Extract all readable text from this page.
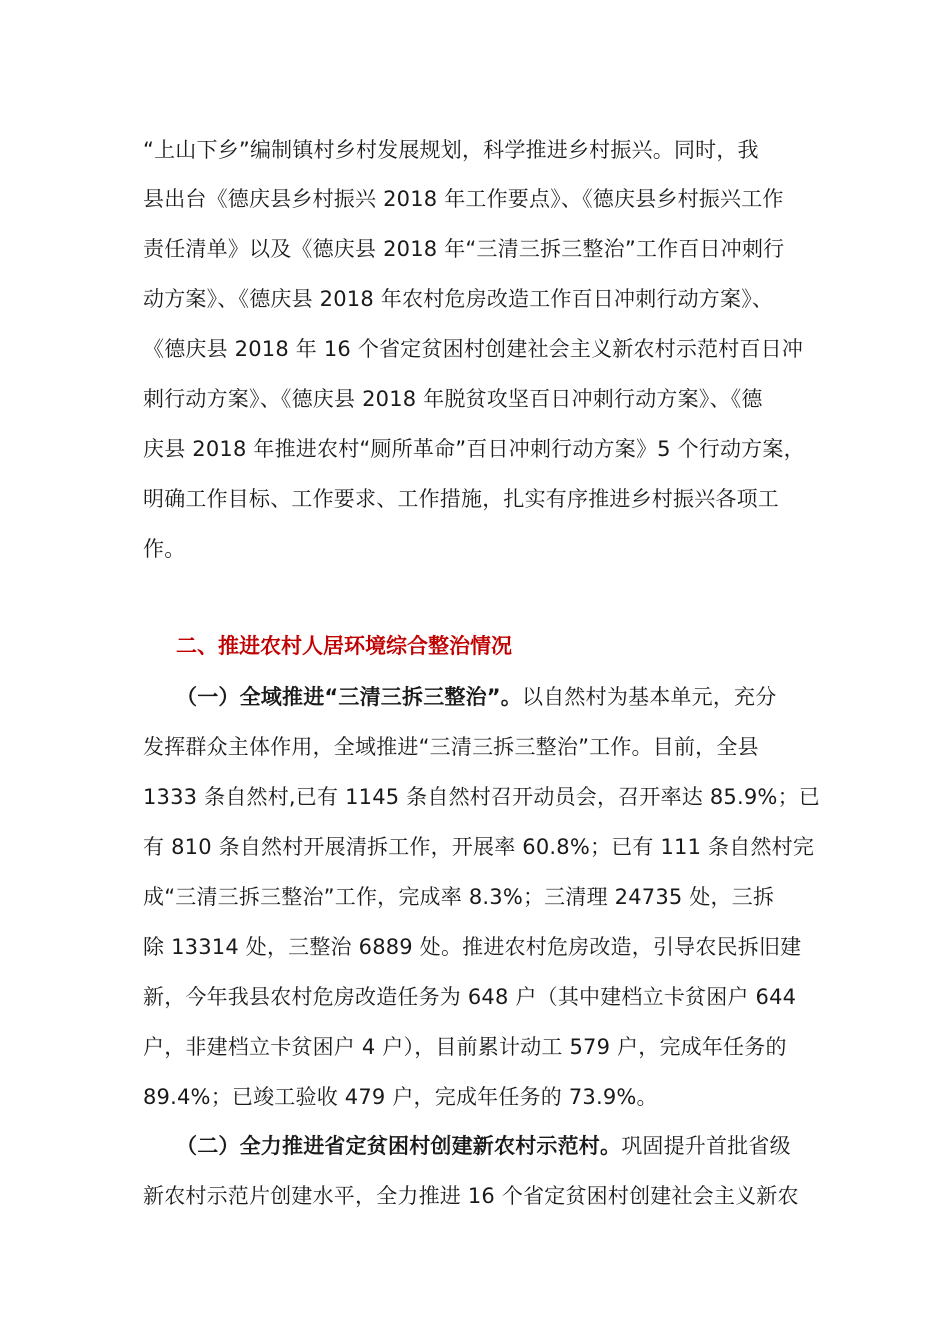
“上山下乡”编制镇村乡村发展规划，科学推进乡村振兴。同时，我
县出台《德庆县乡村振兴 2018 年工作要点》、《德庆县乡村振兴工作
责任清单》以及《德庆县 2018 年“三清三拆三整治”工作百日冲刺行
动方案》、《德庆县 2018 年农村危房改造工作百日冲刺行动方案》、
《德庆县 2018 年 16 个省定贫困村创建社会主义新农村示范村百日冲
刺行动方案》、《德庆县 2018 年脱贫攻坚百日冲刺行动方案》、《德
庆县 2018 年推进农村“厕所革命”百日冲刺行动方案》5 个行动方案，
明确工作目标、工作要求、工作措施，扎实有序推进乡村振兴各项工
作。
二、推进农村人居环境综合整治情况
（一）全域推进“三清三拆三整治”。以自然村为基本单元，充分
发挥群众主体作用，全域推进“三清三拆三整治”工作。目前，全县
1333 条自然村,已有 1145 条自然村召开动员会，召开率达 85.9%；已
有 810 条自然村开展清拆工作，开展率 60.8%；已有 111 条自然村完
成“三清三拆三整治”工作，完成率 8.3%；三清理 24735 处，三拆
除 13314 处，三整治 6889 处。推进农村危房改造，引导农民拆旧建
新，今年我县农村危房改造任务为 648 户（其中建档立卡贫困户 644
户，非建档立卡贫困户 4 户），目前累计动工 579 户，完成年任务的
89.4%；已竣工验收 479 户，完成年任务的 73.9%。
（二）全力推进省定贫困村创建新农村示范村。巩固提升首批省级
新农村示范片创建水平，全力推进 16 个省定贫困村创建社会主义新农
